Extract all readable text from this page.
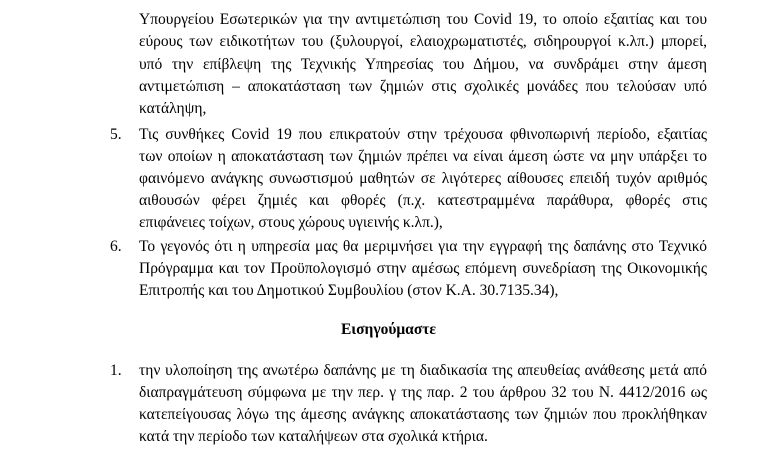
Υπουργείου Εσωτερικών για την αντιμετώπιση του Covid 19, το οποίο εξαιτίας και του
εύρους των ειδικοτήτων του (ξυλουργοί, ελαιοχρωματιστές, σιδηρουργοί κ.λπ.) μπορεί,
υπό την επίβλεψη της Τεχνικής Υπηρεσίας του Δήμου, να συνδράμει στην άμεση
αντιμετώπιση – αποκατάσταση των ζημιών στις σχολικές μονάδες που τελούσαν υπό
κατάληψη,
5. Τις συνθήκες Covid 19 που επικρατούν στην τρέχουσα φθινοπωρινή περίοδο, εξαιτίας
των οποίων η αποκατάσταση των ζημιών πρέπει να είναι άμεση ώστε να μην υπάρξει το
φαινόμενο ανάγκης συνωστισμού μαθητών σε λιγότερες αίθουσες επειδή τυχόν αριθμός
αιθουσών φέρει ζημιές και φθορές (π.χ. κατεστραμμένα παράθυρα, φθορές στις
επιφάνειες τοίχων, στους χώρους υγιεινής κ.λπ.),
6. Το γεγονός ότι η υπηρεσία μας θα μεριμνήσει για την εγγραφή της δαπάνης στο Τεχνικό
Πρόγραμμα και τον Προϋπολογισμό στην αμέσως επόμενη συνεδρίαση της Οικονομικής
Επιτροπής και του Δημοτικού Συμβουλίου (στον Κ.Α. 30.7135.34),
Εισηγούμαστε
1. την υλοποίηση της ανωτέρω δαπάνης με τη διαδικασία της απευθείας ανάθεσης μετά από
διαπραγμάτευση σύμφωνα με την περ. γ της παρ. 2 του άρθρου 32 του Ν. 4412/2016 ως
κατεπείγουσας λόγω της άμεσης ανάγκης αποκατάστασης των ζημιών που προκλήθηκαν
κατά την περίοδο των καταλήψεων στα σχολικά κτήρια.
